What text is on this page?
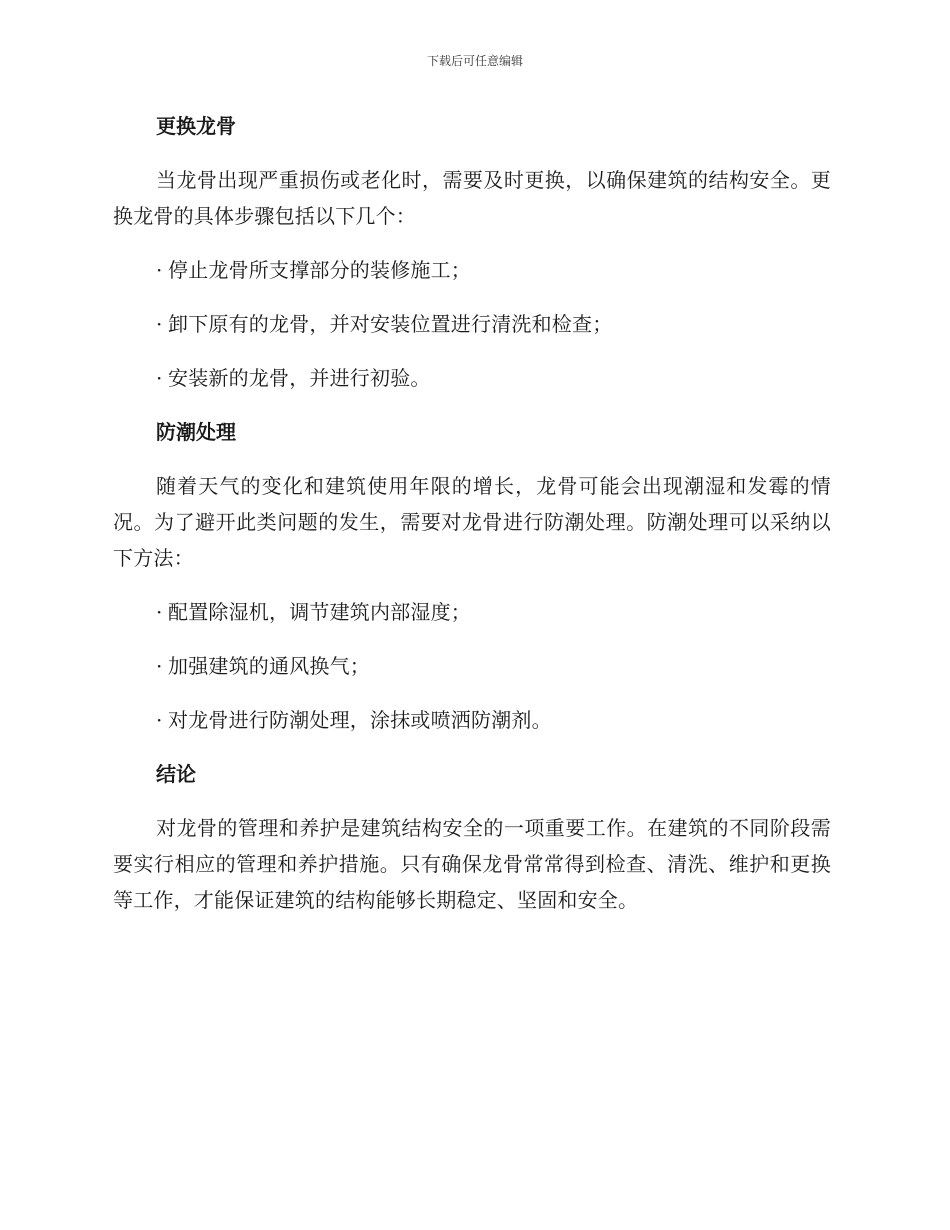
下载后可任意编辑
更换龙骨

当龙骨出现严重损伤或老化时，需要及时更换，以确保建筑的结构安全。更换龙骨的具体步骤包括以下几个：

· 停止龙骨所支撑部分的装修施工；

· 卸下原有的龙骨，并对安装位置进行清洗和检查；

· 安装新的龙骨，并进行初验。

防潮处理

随着天气的变化和建筑使用年限的增长，龙骨可能会出现潮湿和发霉的情况。为了避开此类问题的发生，需要对龙骨进行防潮处理。防潮处理可以采纳以下方法：

· 配置除湿机，调节建筑内部湿度；

· 加强建筑的通风换气；

· 对龙骨进行防潮处理，涂抹或喷洒防潮剂。

结论

对龙骨的管理和养护是建筑结构安全的一项重要工作。在建筑的不同阶段需要实行相应的管理和养护措施。只有确保龙骨常常得到检查、清洗、维护和更换等工作，才能保证建筑的结构能够长期稳定、坚固和安全。
